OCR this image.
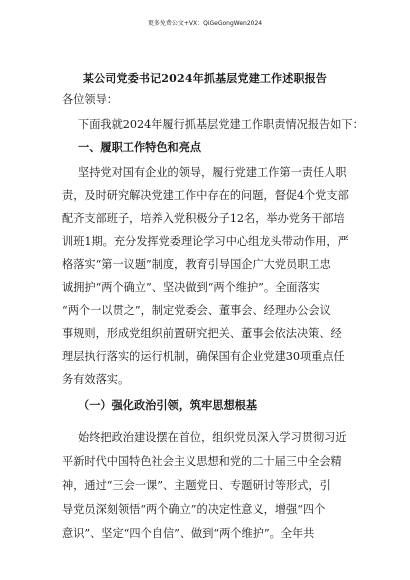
更多免费公文+VX：QiGeGongWen2024
某公司党委书记2024年抓基层党建工作述职报告
各位领导：
下面我就2024年履行抓基层党建工作职责情况报告如下：
一、履职工作特色和亮点
坚持党对国有企业的领导，履行党建工作第一责任人职
责，及时研究解决党建工作中存在的问题，督促4个党支部
配齐支部班子，培养入党积极分子12名，举办党务干部培
训班1期。充分发挥党委理论学习中心组龙头带动作用，严
格落实“第一议题”制度，教育引导国企广大党员职工忠
诚拥护“两个确立”、坚决做到“两个维护”。全面落实
“两个一以贯之”，制定党委会、董事会、经理办公会议
事规则，形成党组织前置研究把关、董事会依法决策、经
理层执行落实的运行机制，确保国有企业党建30项重点任
务有效落实。
（一）强化政治引领，筑牢思想根基
始终把政治建设摆在首位，组织党员深入学习贯彻习近
平新时代中国特色社会主义思想和党的二十届三中全会精
神，通过“三会一课”、主题党日、专题研讨等形式，引
导党员深刻领悟“两个确立”的决定性意义，增强“四个
意识”、坚定“四个自信”、做到“两个维护”。全年共
